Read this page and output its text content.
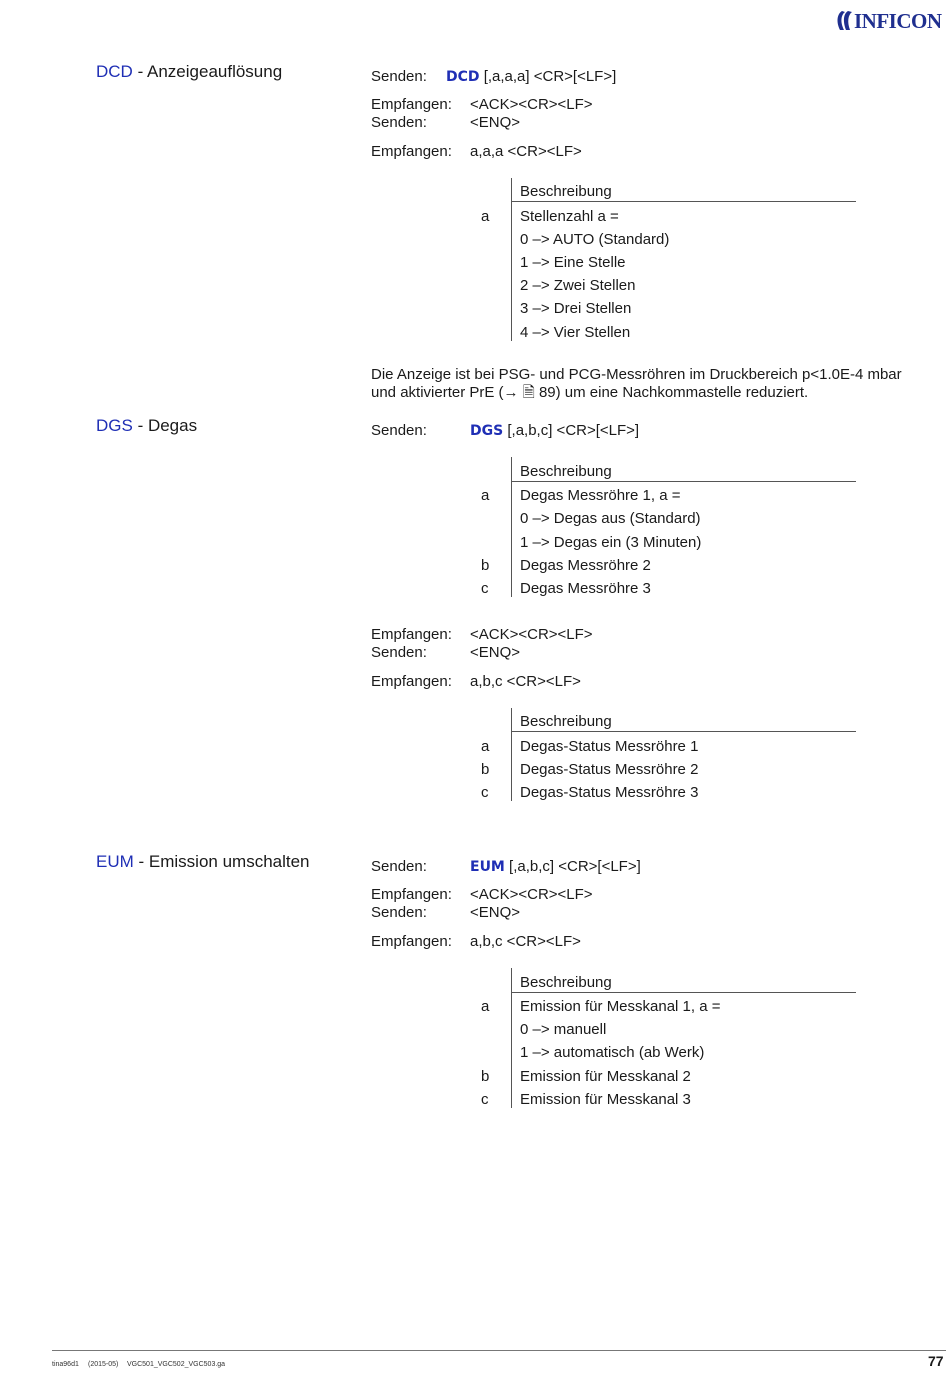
INFICON
DCD - Anzeigeauflösung	Senden: DCD [,a,a,a] <CR>[<LF>]
Empfangen: <ACK><CR><LF>
Senden:	<ENQ>
Empfangen: a,a,a <CR><LF>
Beschreibung
a Stellenzahl a =
0 –> AUTO (Standard)
1 –> Eine Stelle
2 –> Zwei Stellen
3 –> Drei Stellen
4 –> Vier Stellen
Die Anzeige ist bei PSG- und PCG-Messröhren im Druckbereich p<1.0E-4 mbar
und aktivierter PrE (→ 🗎 89) um eine Nachkommastelle reduziert.
DGS - Degas	Senden:	DGS [,a,b,c] <CR>[<LF>]
Beschreibung
a Degas Messröhre 1, a =
0 –> Degas aus (Standard)
1 –> Degas ein (3 Minuten)
b Degas Messröhre 2
c Degas Messröhre 3
Empfangen: <ACK><CR><LF>
Senden:	<ENQ>
Empfangen: a,b,c <CR><LF>
Beschreibung
a Degas-Status Messröhre 1
b Degas-Status Messröhre 2
c Degas-Status Messröhre 3
EUM - Emission umschalten	Senden:	EUM [,a,b,c] <CR>[<LF>]
Empfangen: <ACK><CR><LF>
Senden:	<ENQ>
Empfangen: a,b,c <CR><LF>
Beschreibung
a Emission für Messkanal 1, a =
0 –> manuell
1 –> automatisch (ab Werk)
b Emission für Messkanal 2
c Emission für Messkanal 3
tina96d1 (2015-05) VGC501_VGC502_VGC503.ga	77
